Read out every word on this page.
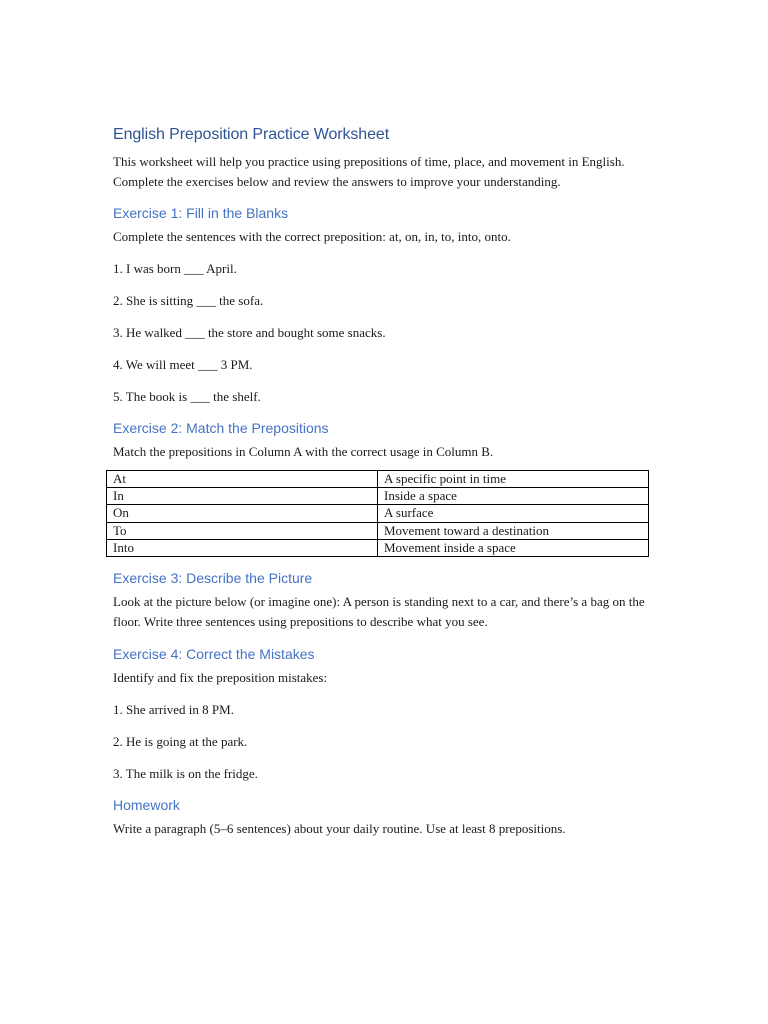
English Preposition Practice Worksheet

This worksheet will help you practice using prepositions of time, place, and movement in English. Complete the exercises below and review the answers to improve your understanding.

Exercise 1: Fill in the Blanks

Complete the sentences with the correct preposition: at, on, in, to, into, onto.

1. I was born ___ April.

2. She is sitting ___ the sofa.

3. He walked ___ the store and bought some snacks.

4. We will meet ___ 3 PM.

5. The book is ___ the shelf.

Exercise 2: Match the Prepositions

Match the prepositions in Column A with the correct usage in Column B.

At	A specific point in time
In	Inside a space
On	A surface
To	Movement toward a destination
Into	Movement inside a space
Exercise 3: Describe the Picture

Look at the picture below (or imagine one): A person is standing next to a car, and there’s a bag on the floor. Write three sentences using prepositions to describe what you see.

Exercise 4: Correct the Mistakes

Identify and fix the preposition mistakes:

1. She arrived in 8 PM.

2. He is going at the park.

3. The milk is on the fridge.

Homework

Write a paragraph (5–6 sentences) about your daily routine. Use at least 8 prepositions.
